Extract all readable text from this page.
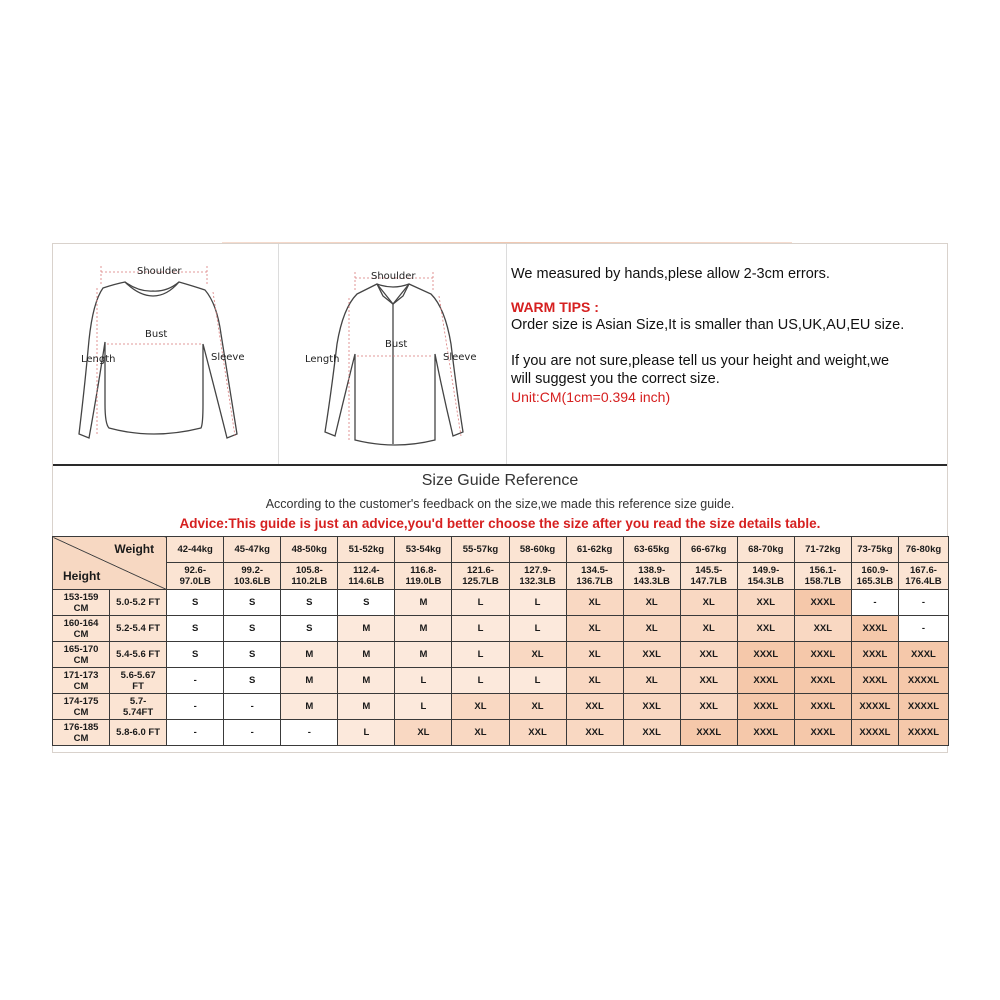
Shoulder
Bust
Length	Sleeve
Shoulder
Bust
Length	Sleeve
We measured by hands,plese allow 2-3cm errors.
WARM TIPS :
Order size is Asian Size,It is smaller than US,UK,AU,EU size.
If you are not sure,please tell us your height and weight,we
will suggest you the correct size.
Unit:CM(1cm=0.394 inch)
Size Guide Reference
According to the customer's feedback on the size,we made this reference size guide.
Advice:This guide is just an advice,you'd better choose the size after you read the size details table.
Weight
Height		42-44kg	45-47kg	48-50kg	51-52kg	53-54kg	55-57kg	58-60kg	61-62kg	63-65kg	66-67kg	68-70kg	71-72kg	73-75kg	76-80kg
		92.6-
97.0LB	99.2-
103.6LB	105.8-
110.2LB	112.4-
114.6LB	116.8-
119.0LB	121.6-
125.7LB	127.9-
132.3LB	134.5-
136.7LB	138.9-
143.3LB	145.5-
147.7LB	149.9-
154.3LB	156.1-
158.7LB	160.9-
165.3LB	167.6-
176.4LB
153-159
CM	5.0-5.2 FT	S	S	S	S	M	L	L	XL	XL	XL	XXL	XXXL	-	-
160-164
CM	5.2-5.4 FT	S	S	S	M	M	L	L	XL	XL	XL	XXL	XXL	XXXL	-
165-170
CM	5.4-5.6 FT	S	S	M	M	M	L	XL	XL	XXL	XXL	XXXL	XXXL	XXXL	XXXL
171-173
CM	5.6-5.67
FT	-	S	M	M	L	L	L	XL	XL	XXL	XXXL	XXXL	XXXL	XXXXL
174-175
CM	5.7-
5.74FT	-	-	M	M	L	XL	XL	XXL	XXL	XXL	XXXL	XXXL	XXXXL	XXXXL
176-185
CM	5.8-6.0 FT	-	-	-	L	XL	XL	XXL	XXL	XXL	XXXL	XXXL	XXXL	XXXXL	XXXXL
